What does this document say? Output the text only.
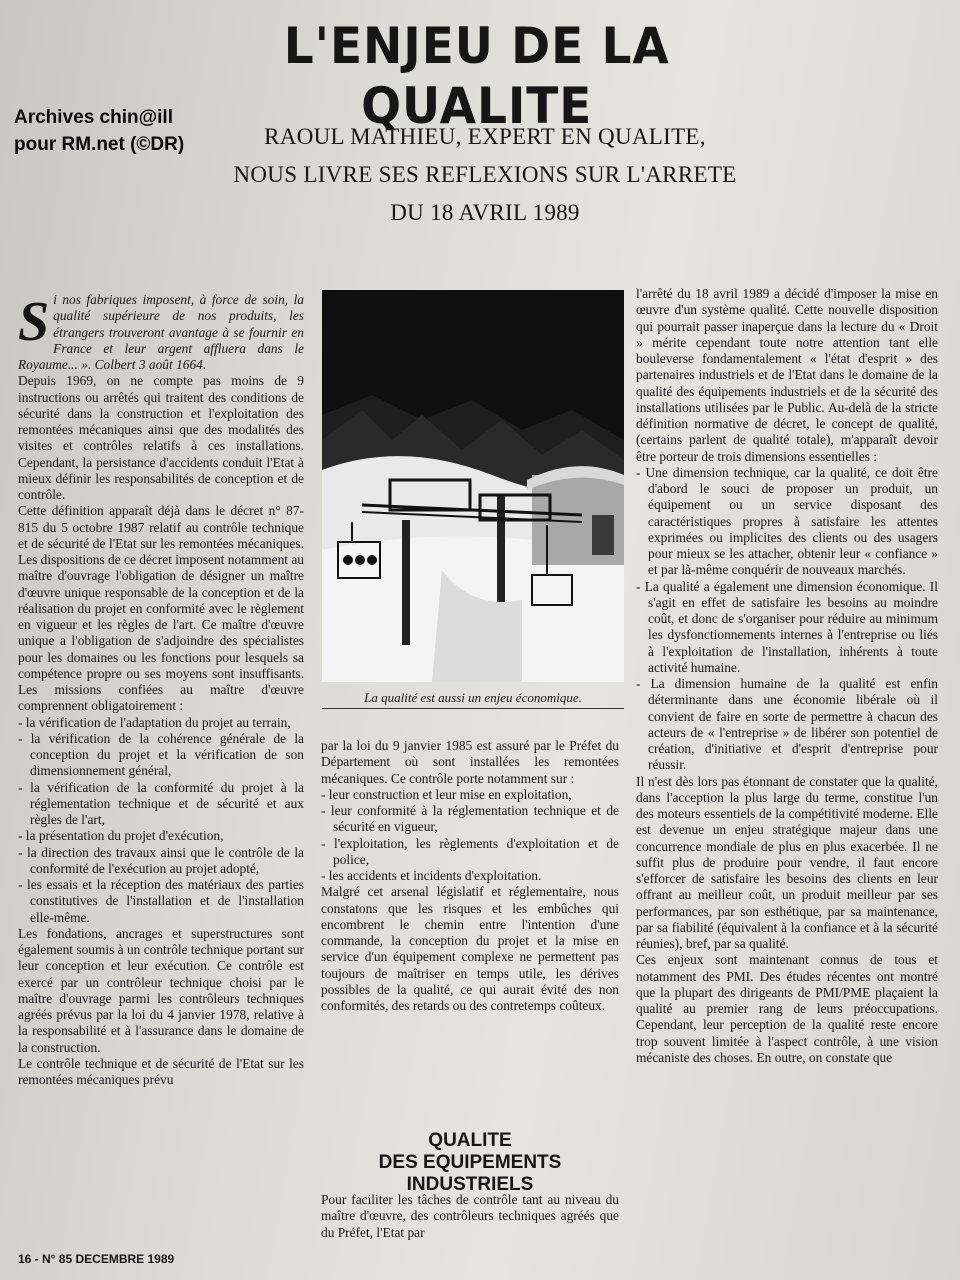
L'ENJEU DE LA QUALITE
Archives chin@ill
pour RM.net (©DR)	RAOUL MATHIEU, EXPERT EN QUALITE,
NOUS LIVRE SES REFLEXIONS SUR L'ARRETE
DU 18 AVRIL 1989

Si nos fabriques imposent, à force de soin, la qualité supérieure de nos produits, les étrangers trouveront avantage à se fournir en France et leur argent affluera dans le Royaume... ». Colbert 3 août 1664.

Depuis 1969, on ne compte pas moins de 9 instructions ou arrêtés qui traitent des conditions de sécurité dans la construction et l'exploitation des remontées mécaniques ainsi que des modalités des visites et contrôles relatifs à ces installations. Cependant, la persistance d'accidents conduit l'Etat à mieux définir les responsabilités de conception et de contrôle.

Cette définition apparaît déjà dans le décret n° 87-815 du 5 octobre 1987 relatif au contrôle technique et de sécurité de l'Etat sur les remontées mécaniques. Les dispositions de ce décret imposent notamment au maître d'ouvrage l'obligation de désigner un maître d'œuvre unique responsable de la conception et de la réalisation du projet en conformité avec le règlement en vigueur et les règles de l'art. Ce maître d'œuvre unique a l'obligation de s'adjoindre des spécialistes pour les domaines ou les fonctions pour lesquels sa compétence propre ou ses moyens sont insuffisants. Les missions confiées au maître d'œuvre comprennent obligatoirement :

- la vérification de l'adaptation du projet au terrain,
- la vérification de la cohérence générale de la conception du projet et la vérification de son dimensionnement général,
- la vérification de la conformité du projet à la réglementation technique et de sécurité et aux règles de l'art,
- la présentation du projet d'exécution,
- la direction des travaux ainsi que le contrôle de la conformité de l'exécution au projet adopté,
- les essais et la réception des matériaux des parties constitutives de l'installation et de l'installation elle-même.

Les fondations, ancrages et superstructures sont également soumis à un contrôle technique portant sur leur conception et leur exécution. Ce contrôle est exercé par un contrôleur technique choisi par le maître d'ouvrage parmi les contrôleurs techniques agréés prévus par la loi du 4 janvier 1978, relative à la responsabilité et à l'assurance dans le domaine de la construction.

Le contrôle technique et de sécurité de l'Etat sur les remontées mécaniques prévu

La qualité est aussi un enjeu économique.

par la loi du 9 janvier 1985 est assuré par le Préfet du Département où sont installées les remontées mécaniques. Ce contrôle porte notamment sur :

- leur construction et leur mise en exploitation,
- leur conformité à la réglementation technique et de sécurité en vigueur,
- l'exploitation, les règlements d'exploitation et de police,
- les accidents et incidents d'exploitation.

Malgré cet arsenal législatif et réglementaire, nous constatons que les risques et les embûches qui encombrent le chemin entre l'intention d'une commande, la conception du projet et la mise en service d'un équipement complexe ne permettent pas toujours de maîtriser en temps utile, les dérives possibles de la qualité, ce qui aurait évité des non conformités, des retards ou des contretemps coûteux.

QUALITE
DES EQUIPEMENTS
INDUSTRIELS

Pour faciliter les tâches de contrôle tant au niveau du maître d'œuvre, des contrôleurs techniques agréés que du Préfet, l'Etat par

l'arrêté du 18 avril 1989 a décidé d'imposer la mise en œuvre d'un système qualité. Cette nouvelle disposition qui pourrait passer inaperçue dans la lecture du « Droit » mérite cependant toute notre attention tant elle bouleverse fondamentalement « l'état d'esprit » des partenaires industriels et de l'Etat dans le domaine de la qualité des équipements industriels et de la sécurité des installations utilisées par le Public. Au-delà de la stricte définition normative de décret, le concept de qualité, (certains parlent de qualité totale), m'apparaît devoir être porteur de trois dimensions essentielles :

- Une dimension technique, car la qualité, ce doit être d'abord le souci de proposer un produit, un équipement ou un service disposant des caractéristiques propres à satisfaire les attentes exprimées ou implicites des clients ou des usagers pour mieux se les attacher, obtenir leur « confiance » et par là-même conquérir de nouveaux marchés.
- La qualité a également une dimension économique. Il s'agit en effet de satisfaire les besoins au moindre coût, et donc de s'organiser pour réduire au minimum les dysfonctionnements internes à l'entreprise ou liés à l'exploitation de l'installation, inhérents à toute activité humaine.
- La dimension humaine de la qualité est enfin déterminante dans une économie libérale où il convient de faire en sorte de permettre à chacun des acteurs de « l'entreprise » de libérer son potentiel de création, d'initiative et d'esprit d'entreprise pour réussir.

Il n'est dès lors pas étonnant de constater que la qualité, dans l'acception la plus large du terme, constitue l'un des moteurs essentiels de la compétitivité moderne. Elle est devenue un enjeu stratégique majeur dans une concurrence mondiale de plus en plus exacerbée. Il ne suffit plus de produire pour vendre, il faut encore s'efforcer de satisfaire les besoins des clients en leur offrant au meilleur coût, un produit meilleur par ses performances, par son esthétique, par sa maintenance, par sa fiabilité (équivalent à la confiance et à la sécurité réunies), bref, par sa qualité.

Ces enjeux sont maintenant connus de tous et notamment des PMI. Des études récentes ont montré que la plupart des dirigeants de PMI/PME plaçaient la qualité au premier rang de leurs préoccupations. Cependant, leur perception de la qualité reste encore trop souvent limitée à l'aspect contrôle, à une vision mécaniste des choses. En outre, on constate que

16 - N° 85 DECEMBRE 1989
